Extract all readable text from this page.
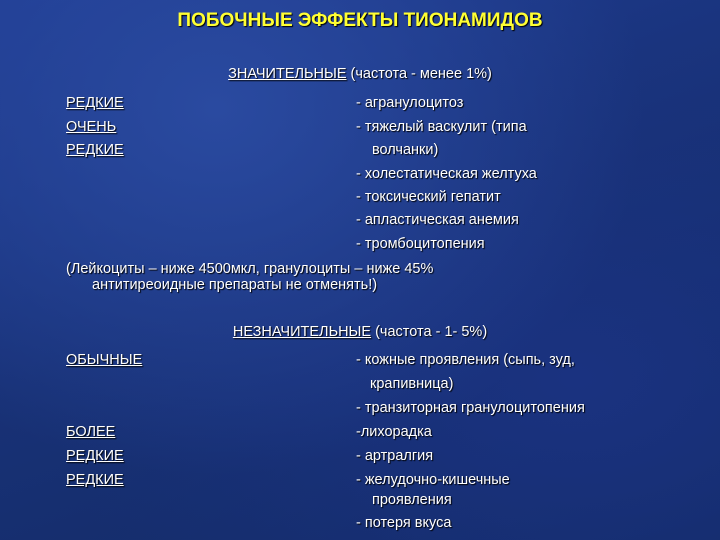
ПОБОЧНЫЕ ЭФФЕКТЫ ТИОНАМИДОВ
ЗНАЧИТЕЛЬНЫЕ (частота - менее 1%)
РЕДКИЕ	- агранулоцитоз
ОЧЕНЬ	- тяжелый васкулит (типа
РЕДКИЕ	волчанки)
- холестатическая желтуха
- токсический гепатит
- апластическая анемия
- тромбоцитопения
(Лейкоциты – ниже 4500мкл, гранулоциты – ниже 45%
антитиреоидные препараты не отменять!)
НЕЗНАЧИТЕЛЬНЫЕ (частота - 1- 5%)
ОБЫЧНЫЕ	- кожные проявления (сыпь, зуд,
крапивница)
- транзиторная гранулоцитопения
БОЛЕЕ	-лихорадка
РЕДКИЕ	- артралгия
РЕДКИЕ	- желудочно-кишечные
проявления
- потеря вкуса
